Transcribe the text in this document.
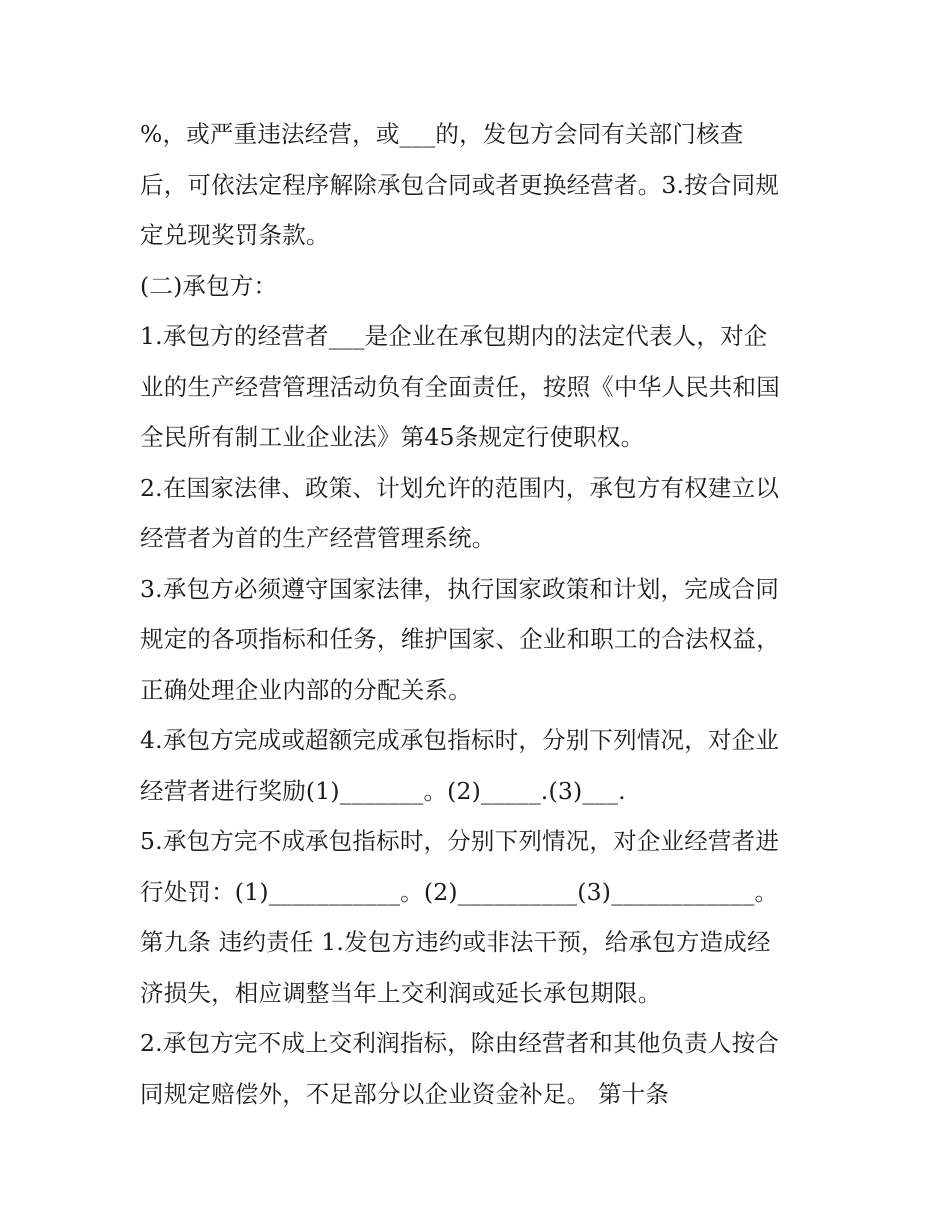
%，或严重违法经营，或___的，发包方会同有关部门核查
后，可依法定程序解除承包合同或者更换经营者。3.按合同规
定兑现奖罚条款。
(二)承包方：
1.承包方的经营者___是企业在承包期内的法定代表人，对企
业的生产经营管理活动负有全面责任，按照《中华人民共和国
全民所有制工业企业法》第45条规定行使职权。
2.在国家法律、政策、计划允许的范围内，承包方有权建立以
经营者为首的生产经营管理系统。
3.承包方必须遵守国家法律，执行国家政策和计划，完成合同
规定的各项指标和任务，维护国家、企业和职工的合法权益，
正确处理企业内部的分配关系。
4.承包方完成或超额完成承包指标时，分别下列情况，对企业
经营者进行奖励(1)_______。(2)_____.(3)___.
5.承包方完不成承包指标时，分别下列情况，对企业经营者进
行处罚：(1)___________。(2)__________(3)____________。
第九条 违约责任 1.发包方违约或非法干预，给承包方造成经
济损失，相应调整当年上交利润或延长承包期限。
2.承包方完不成上交利润指标，除由经营者和其他负责人按合
同规定赔偿外，不足部分以企业资金补足。 第十条
